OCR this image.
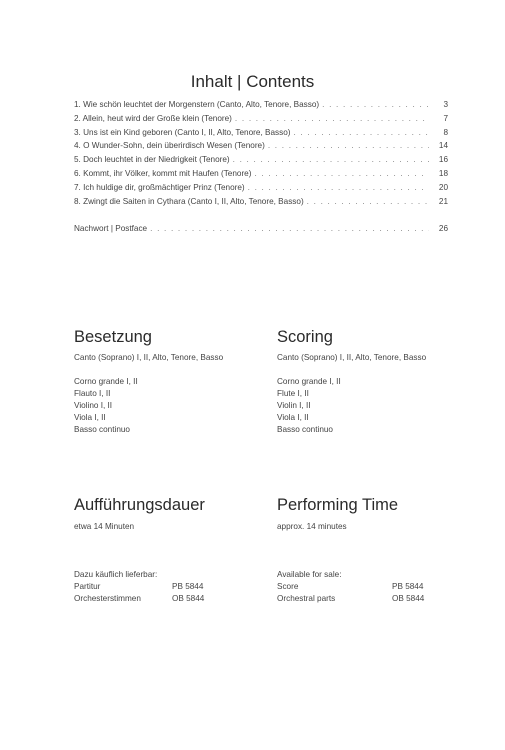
Inhalt | Contents
1. Wie schön leuchtet der Morgenstern (Canto, Alto, Tenore, Basso) . . .	3
2. Allein, heut wird der Große klein (Tenore) . . .	7
3. Uns ist ein Kind geboren (Canto I, II, Alto, Tenore, Basso) . . .	8
4. O Wunder-Sohn, dein überirdisch Wesen (Tenore) . . .	14
5. Doch leuchtet in der Niedrigkeit (Tenore) . . .	16
6. Kommt, ihr Völker, kommt mit Haufen (Tenore) . . .	18
7. Ich huldige dir, großmächtiger Prinz (Tenore) . . .	20
8. Zwingt die Saiten in Cythara (Canto I, II, Alto, Tenore, Basso) . . .	21
Nachwort | Postface . . .	26
Besetzung
Canto (Soprano) I, II, Alto, Tenore, Basso
Corno grande I, II
Flauto I, II
Violino I, II
Viola I, II
Basso continuo
Scoring
Canto (Soprano) I, II, Alto, Tenore, Basso
Corno grande I, II
Flute I, II
Violin I, II
Viola I, II
Basso continuo
Aufführungsdauer
etwa 14 Minuten
Dazu käuflich lieferbar:
Partitur	PB 5844
Orchesterstimmen	OB 5844
Performing Time
approx. 14 minutes
Available for sale:
Score	PB 5844
Orchestral parts	OB 5844
